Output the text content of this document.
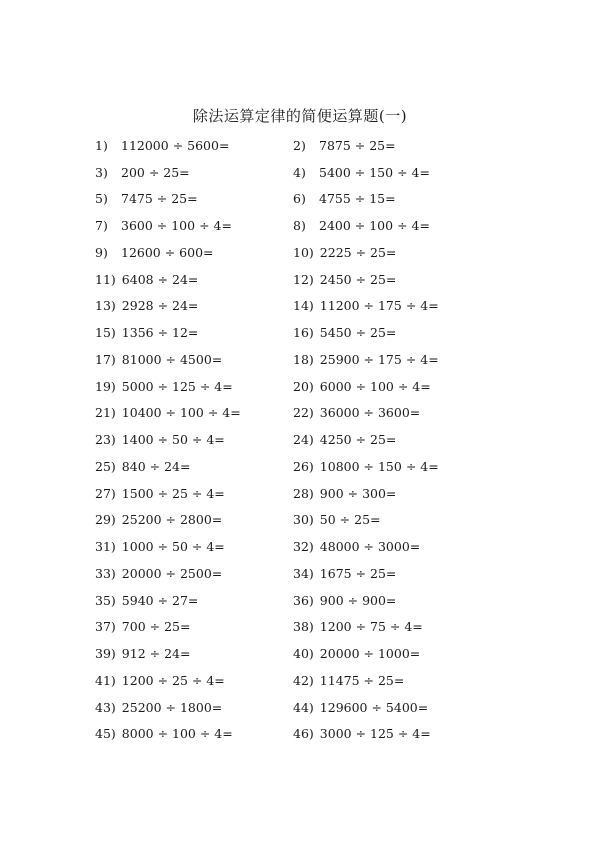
除法运算定律的简便运算题(一)
1)	112000 ÷ 5600=	2)	7875 ÷ 25=
3)	200 ÷ 25=	4)	5400 ÷ 150 ÷ 4=
5)	7475 ÷ 25=	6)	4755 ÷ 15=
7)	3600 ÷ 100 ÷ 4=	8)	2400 ÷ 100 ÷ 4=
9)	12600 ÷ 600=	10) 2225 ÷ 25=
11) 6408 ÷ 24=	12) 2450 ÷ 25=
13) 2928 ÷ 24=	14) 11200 ÷ 175 ÷ 4=
15) 1356 ÷ 12=	16) 5450 ÷ 25=
17) 81000 ÷ 4500=	18) 25900 ÷ 175 ÷ 4=
19) 5000 ÷ 125 ÷ 4=	20) 6000 ÷ 100 ÷ 4=
21) 10400 ÷ 100 ÷ 4=	22) 36000 ÷ 3600=
23) 1400 ÷ 50 ÷ 4=	24) 4250 ÷ 25=
25) 840 ÷ 24=	26) 10800 ÷ 150 ÷ 4=
27) 1500 ÷ 25 ÷ 4=	28) 900 ÷ 300=
29) 25200 ÷ 2800=	30) 50 ÷ 25=
31) 1000 ÷ 50 ÷ 4=	32) 48000 ÷ 3000=
33) 20000 ÷ 2500=	34) 1675 ÷ 25=
35) 5940 ÷ 27=	36) 900 ÷ 900=
37) 700 ÷ 25=	38) 1200 ÷ 75 ÷ 4=
39) 912 ÷ 24=	40) 20000 ÷ 1000=
41) 1200 ÷ 25 ÷ 4=	42) 11475 ÷ 25=
43) 25200 ÷ 1800=	44) 129600 ÷ 5400=
45) 8000 ÷ 100 ÷ 4=	46) 3000 ÷ 125 ÷ 4=
